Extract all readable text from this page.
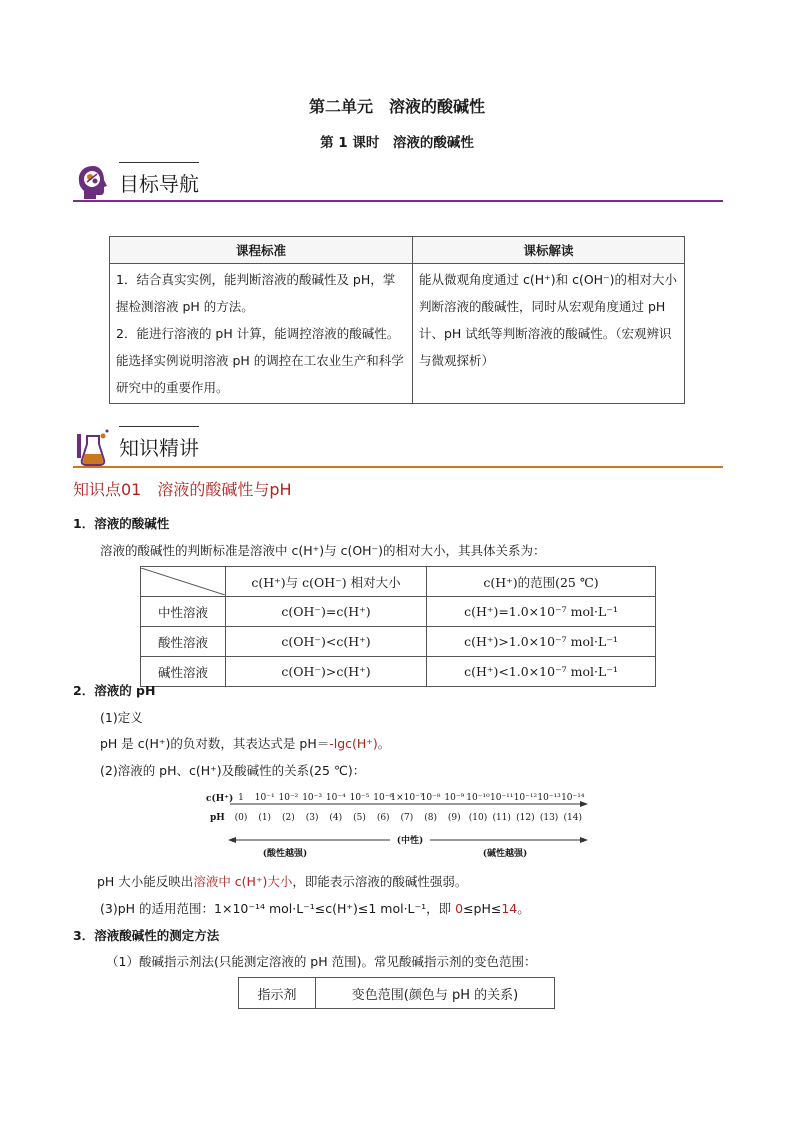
第二单元　溶液的酸碱性
第 1 课时　溶液的酸碱性
目标导航
课程标准	课标解读

1．结合真实实例，能判断溶液的酸碱性及 pH，掌握检测溶液 pH 的方法。
2．能进行溶液的 pH 计算，能调控溶液的酸碱性。能选择实例说明溶液 pH 的调控在工农业生产和科学研究中的重要作用。	能从微观角度通过 c(H⁺)和 c(OH⁻)的相对大小判断溶液的酸碱性，同时从宏观角度通过 pH 计、pH 试纸等判断溶液的酸碱性。（宏观辨识与微观探析）
知识精讲
知识点01　溶液的酸碱性与pH
1．溶液的酸碱性
溶液的酸碱性的判断标准是溶液中 c(H⁺)与 c(OH⁻)的相对大小，其具体关系为：
	c(H⁺)与 c(OH⁻) 相对大小	c(H⁺)的范围(25 ℃)
中性溶液	c(OH⁻)=c(H⁺)	c(H⁺)=1.0×10⁻⁷ mol·L⁻¹
酸性溶液	c(OH⁻)<c(H⁺)	c(H⁺)>1.0×10⁻⁷ mol·L⁻¹
碱性溶液	c(OH⁻)>c(H⁺)	c(H⁺)<1.0×10⁻⁷ mol·L⁻¹
2．溶液的 pH
(1)定义
pH 是 c(H⁺)的负对数，其表达式是 pH＝-lgc(H⁺)。
(2)溶液的 pH、c(H⁺)及酸碱性的关系(25 ℃)：
c(H⁺)
pH
1 10⁻¹ 10⁻² 10⁻³ 10⁻⁴ 10⁻⁵ 10⁻⁶
1×10⁻⁷
10⁻⁸ 10⁻⁹ 10⁻¹⁰ 10⁻¹¹ 10⁻¹² 10⁻¹³ 10⁻¹⁴
(0) (1) (2) (3) (4) (5) (6) (7) (8) (9) (10) (11) (12) (13) (14)
(中性)
(酸性越强)	(碱性越强)
pH 大小能反映出溶液中 c(H⁺)大小，即能表示溶液的酸碱性强弱。
(3)pH 的适用范围：1×10⁻¹⁴ mol·L⁻¹≤c(H⁺)≤1 mol·L⁻¹，即 0≤pH≤14。
3．溶液酸碱性的测定方法
（1）酸碱指示剂法(只能测定溶液的 pH 范围)。常见酸碱指示剂的变色范围：
指示剂	变色范围(颜色与 pH 的关系)
